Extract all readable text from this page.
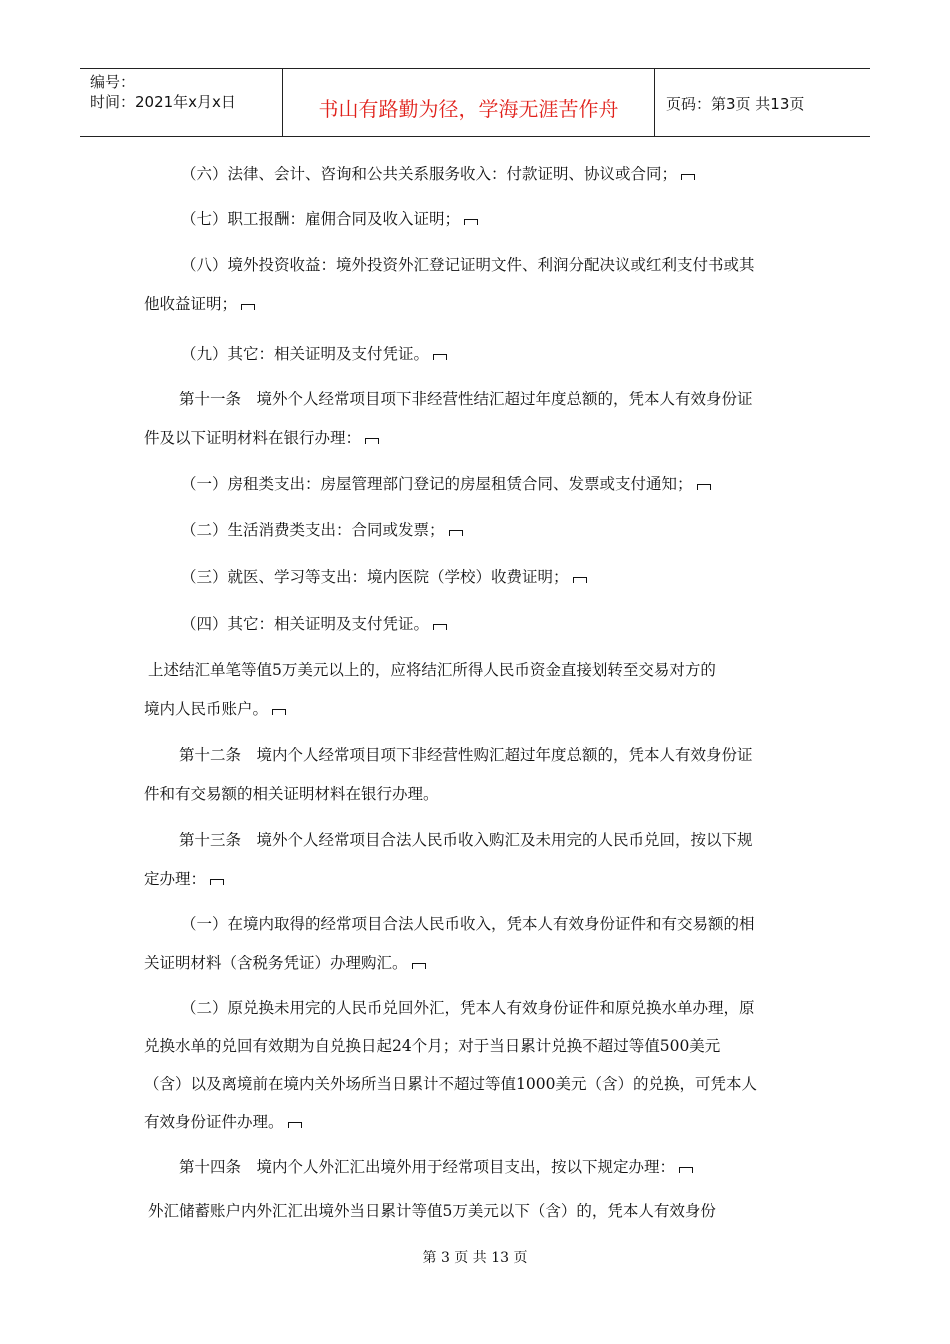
编号：
时间：2021年x月x日	书山有路勤为径，学海无涯苦作舟	页码：第3页 共13页
（六）法律、会计、咨询和公共关系服务收入：付款证明、协议或合同；
（七）职工报酬：雇佣合同及收入证明；
（八）境外投资收益：境外投资外汇登记证明文件、利润分配决议或红利支付书或其
他收益证明；
（九）其它：相关证明及支付凭证。
第十一条　境外个人经常项目项下非经营性结汇超过年度总额的，凭本人有效身份证
件及以下证明材料在银行办理：
（一）房租类支出：房屋管理部门登记的房屋租赁合同、发票或支付通知；
（二）生活消费类支出：合同或发票；
（三）就医、学习等支出：境内医院（学校）收费证明；
（四）其它：相关证明及支付凭证。
上述结汇单笔等值5万美元以上的，应将结汇所得人民币资金直接划转至交易对方的
境内人民币账户。
第十二条　境内个人经常项目项下非经营性购汇超过年度总额的，凭本人有效身份证
件和有交易额的相关证明材料在银行办理。
第十三条　境外个人经常项目合法人民币收入购汇及未用完的人民币兑回，按以下规
定办理：
（一）在境内取得的经常项目合法人民币收入，凭本人有效身份证件和有交易额的相
关证明材料（含税务凭证）办理购汇。
（二）原兑换未用完的人民币兑回外汇，凭本人有效身份证件和原兑换水单办理，原
兑换水单的兑回有效期为自兑换日起24个月；对于当日累计兑换不超过等值500美元
（含）以及离境前在境内关外场所当日累计不超过等值1000美元（含）的兑换，可凭本人
有效身份证件办理。
第十四条　境内个人外汇汇出境外用于经常项目支出，按以下规定办理：
外汇储蓄账户内外汇汇出境外当日累计等值5万美元以下（含）的，凭本人有效身份
第 3 页 共 13 页
